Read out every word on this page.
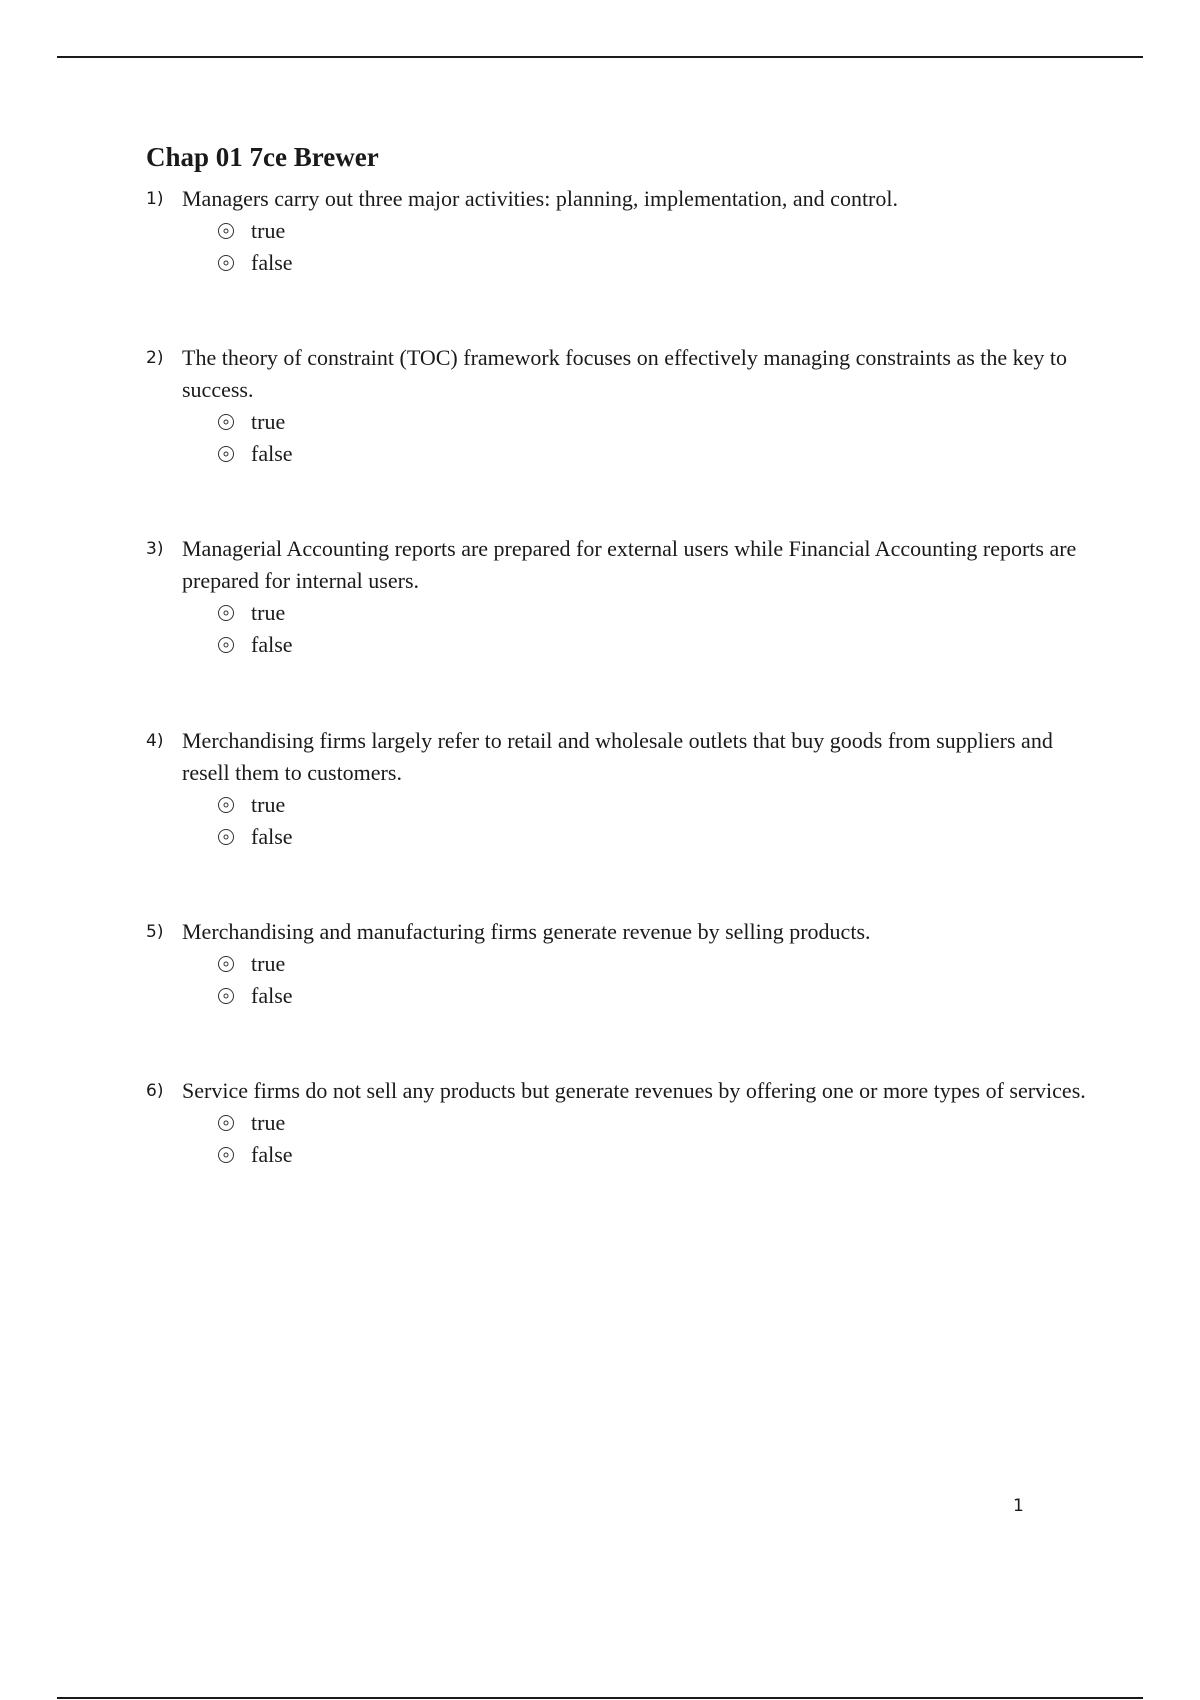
Chap 01 7ce Brewer
1) Managers carry out three major activities: planning, implementation, and control.
true
false
2) The theory of constraint (TOC) framework focuses on effectively managing constraints as the key to success.
true
false
3) Managerial Accounting reports are prepared for external users while Financial Accounting reports are prepared for internal users.
true
false
4) Merchandising firms largely refer to retail and wholesale outlets that buy goods from suppliers and resell them to customers.
true
false
5) Merchandising and manufacturing firms generate revenue by selling products.
true
false
6) Service firms do not sell any products but generate revenues by offering one or more types of services.
true
false
1
